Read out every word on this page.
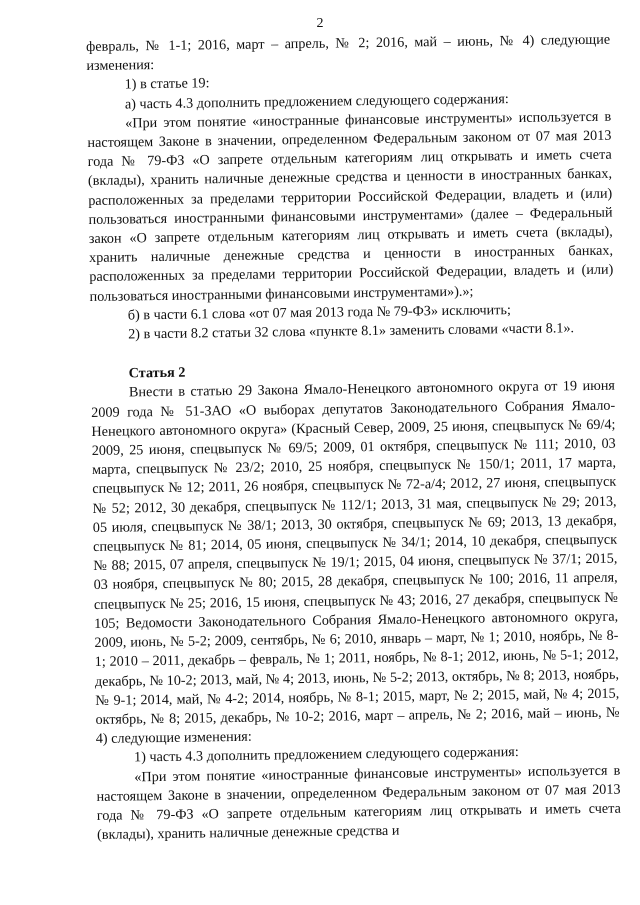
2

февраль, № 1-1; 2016, март – апрель, № 2; 2016, май – июнь, № 4) следующие изменения:

1) в статье 19:

а) часть 4.3 дополнить предложением следующего содержания:

«При этом понятие «иностранные финансовые инструменты» используется в настоящем Законе в значении, определенном Федеральным законом от 07 мая 2013 года № 79-ФЗ «О запрете отдельным категориям лиц открывать и иметь счета (вклады), хранить наличные денежные средства и ценности в иностранных банках, расположенных за пределами территории Российской Федерации, владеть и (или) пользоваться иностранными финансовыми инструментами» (далее – Федеральный закон «О запрете отдельным категориям лиц открывать и иметь счета (вклады), хранить наличные денежные средства и ценности в иностранных банках, расположенных за пределами территории Российской Федерации, владеть и (или) пользоваться иностранными финансовыми инструментами»).»;

б) в части 6.1 слова «от 07 мая 2013 года № 79-ФЗ» исключить;

2) в части 8.2 статьи 32 слова «пункте 8.1» заменить словами «части 8.1».

Статья 2

Внести в статью 29 Закона Ямало-Ненецкого автономного округа от 19 июня 2009 года № 51-ЗАО «О выборах депутатов Законодательного Собрания Ямало-Ненецкого автономного округа» (Красный Север, 2009, 25 июня, спецвыпуск № 69/4; 2009, 25 июня, спецвыпуск № 69/5; 2009, 01 октября, спецвыпуск № 111; 2010, 03 марта, спецвыпуск № 23/2; 2010, 25 ноября, спецвыпуск № 150/1; 2011, 17 марта, спецвыпуск № 12; 2011, 26 ноября, спецвыпуск № 72-а/4; 2012, 27 июня, спецвыпуск № 52; 2012, 30 декабря, спецвыпуск № 112/1; 2013, 31 мая, спецвыпуск № 29; 2013, 05 июля, спецвыпуск № 38/1; 2013, 30 октября, спецвыпуск № 69; 2013, 13 декабря, спецвыпуск № 81; 2014, 05 июня, спецвыпуск № 34/1; 2014, 10 декабря, спецвыпуск № 88; 2015, 07 апреля, спецвыпуск № 19/1; 2015, 04 июня, спецвыпуск № 37/1; 2015, 03 ноября, спецвыпуск № 80; 2015, 28 декабря, спецвыпуск № 100; 2016, 11 апреля, спецвыпуск № 25; 2016, 15 июня, спецвыпуск № 43; 2016, 27 декабря, спецвыпуск № 105; Ведомости Законодательного Собрания Ямало-Ненецкого автономного округа, 2009, июнь, № 5-2; 2009, сентябрь, № 6; 2010, январь – март, № 1; 2010, ноябрь, № 8-1; 2010 – 2011, декабрь – февраль, № 1; 2011, ноябрь, № 8-1; 2012, июнь, № 5-1; 2012, декабрь, № 10-2; 2013, май, № 4; 2013, июнь, № 5-2; 2013, октябрь, № 8; 2013, ноябрь, № 9-1; 2014, май, № 4-2; 2014, ноябрь, № 8-1; 2015, март, № 2; 2015, май, № 4; 2015, октябрь, № 8; 2015, декабрь, № 10-2; 2016, март – апрель, № 2; 2016, май – июнь, № 4) следующие изменения:

1) часть 4.3 дополнить предложением следующего содержания:

«При этом понятие «иностранные финансовые инструменты» используется в настоящем Законе в значении, определенном Федеральным законом от 07 мая 2013 года № 79-ФЗ «О запрете отдельным категориям лиц открывать и иметь счета (вклады), хранить наличные денежные средства и
